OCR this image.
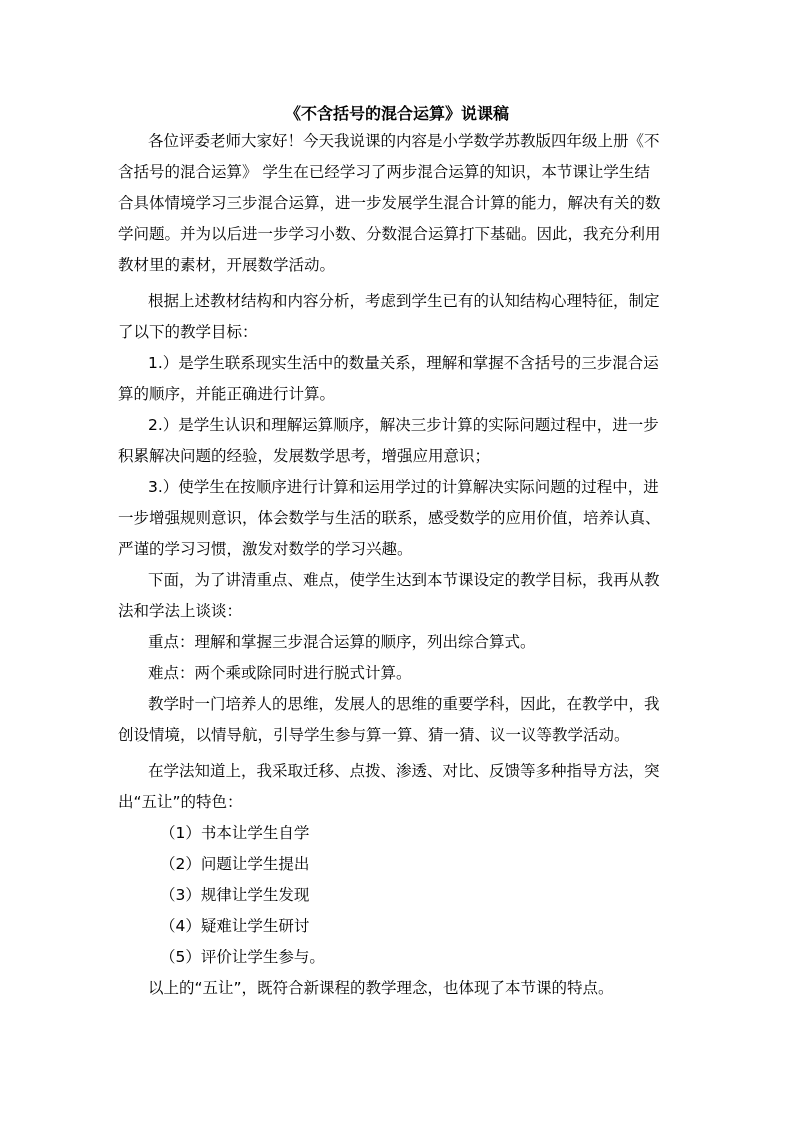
《不含括号的混合运算》说课稿
各位评委老师大家好！今天我说课的内容是小学数学苏教版四年级上册《不
含括号的混合运算》 学生在已经学习了两步混合运算的知识，本节课让学生结
合具体情境学习三步混合运算，进一步发展学生混合计算的能力，解决有关的数
学问题。并为以后进一步学习小数、分数混合运算打下基础。因此，我充分利用
教材里的素材，开展数学活动。
根据上述教材结构和内容分析，考虑到学生已有的认知结构心理特征，制定
了以下的教学目标：
1.）是学生联系现实生活中的数量关系，理解和掌握不含括号的三步混合运
算的顺序，并能正确进行计算。
2.）是学生认识和理解运算顺序，解决三步计算的实际问题过程中，进一步
积累解决问题的经验，发展数学思考，增强应用意识；
3.）使学生在按顺序进行计算和运用学过的计算解决实际问题的过程中，进
一步增强规则意识，体会数学与生活的联系，感受数学的应用价值，培养认真、
严谨的学习习惯，激发对数学的学习兴趣。
下面，为了讲清重点、难点，使学生达到本节课设定的教学目标，我再从教
法和学法上谈谈：
重点：理解和掌握三步混合运算的顺序，列出综合算式。
难点：两个乘或除同时进行脱式计算。
教学时一门培养人的思维，发展人的思维的重要学科，因此，在教学中，我
创设情境，以情导航，引导学生参与算一算、猜一猜、议一议等教学活动。
在学法知道上，我采取迁移、点拨、渗透、对比、反馈等多种指导方法，突
出“五让”的特色：
（1）书本让学生自学
（2）问题让学生提出
（3）规律让学生发现
（4）疑难让学生研讨
（5）评价让学生参与。
以上的“五让”，既符合新课程的教学理念，也体现了本节课的特点。
